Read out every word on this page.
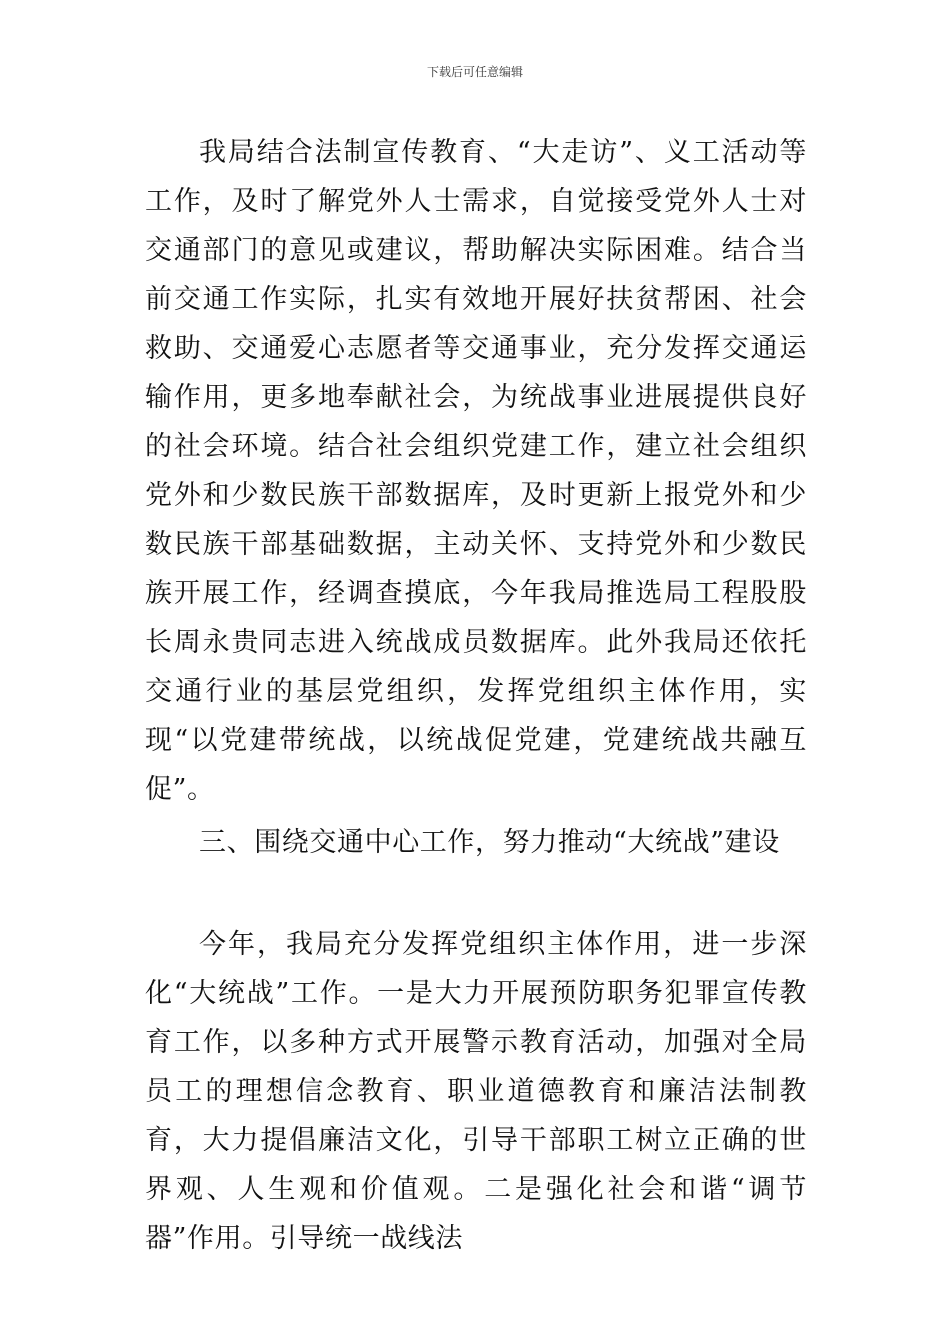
下载后可任意编辑

我局结合法制宣传教育、“大走访”、义工活动等工作，及时了解党外人士需求，自觉接受党外人士对交通部门的意见或建议，帮助解决实际困难。结合当前交通工作实际，扎实有效地开展好扶贫帮困、社会救助、交通爱心志愿者等交通事业，充分发挥交通运输作用，更多地奉献社会，为统战事业进展提供良好的社会环境。结合社会组织党建工作，建立社会组织党外和少数民族干部数据库，及时更新上报党外和少数民族干部基础数据，主动关怀、支持党外和少数民族开展工作，经调查摸底，今年我局推选局工程股股长周永贵同志进入统战成员数据库。此外我局还依托交通行业的基层党组织，发挥党组织主体作用，实现“以党建带统战，以统战促党建，党建统战共融互促”。

三、围绕交通中心工作，努力推动“大统战”建设

今年，我局充分发挥党组织主体作用，进一步深化“大统战”工作。一是大力开展预防职务犯罪宣传教育工作，以多种方式开展警示教育活动，加强对全局员工的理想信念教育、职业道德教育和廉洁法制教育，大力提倡廉洁文化，引导干部职工树立正确的世界观、人生观和价值观。二是强化社会和谐“调节器”作用。引导统一战线法
